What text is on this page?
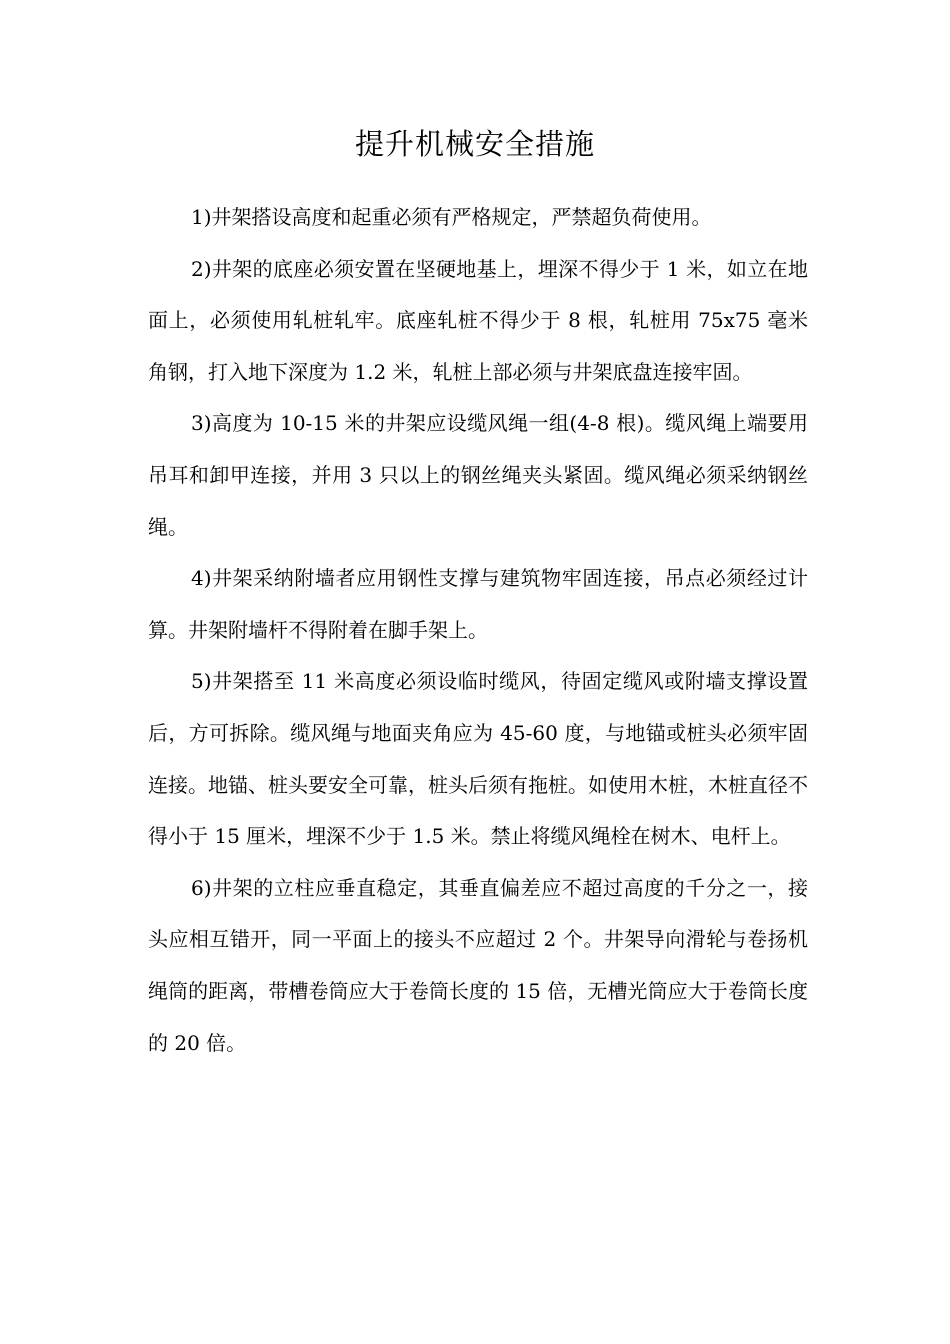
提升机械安全措施

1)井架搭设高度和起重必须有严格规定，严禁超负荷使用。

2)井架的底座必须安置在坚硬地基上，埋深不得少于 1 米，如立在地面上，必须使用轧桩轧牢。底座轧桩不得少于 8 根，轧桩用 75x75 毫米角钢，打入地下深度为 1.2 米，轧桩上部必须与井架底盘连接牢固。

3)高度为 10-15 米的井架应设缆风绳一组(4-8 根)。缆风绳上端要用吊耳和卸甲连接，并用 3 只以上的钢丝绳夹头紧固。缆风绳必须采纳钢丝绳。

4)井架采纳附墙者应用钢性支撑与建筑物牢固连接，吊点必须经过计算。井架附墙杆不得附着在脚手架上。

5)井架搭至 11 米高度必须设临时缆风，待固定缆风或附墙支撑设置后，方可拆除。缆风绳与地面夹角应为 45-60 度，与地锚或桩头必须牢固连接。地锚、桩头要安全可靠，桩头后须有拖桩。如使用木桩，木桩直径不得小于 15 厘米，埋深不少于 1.5 米。禁止将缆风绳栓在树木、电杆上。

6)井架的立柱应垂直稳定，其垂直偏差应不超过高度的千分之一，接头应相互错开，同一平面上的接头不应超过 2 个。井架导向滑轮与卷扬机绳筒的距离，带槽卷筒应大于卷筒长度的 15 倍，无槽光筒应大于卷筒长度的 20 倍。
